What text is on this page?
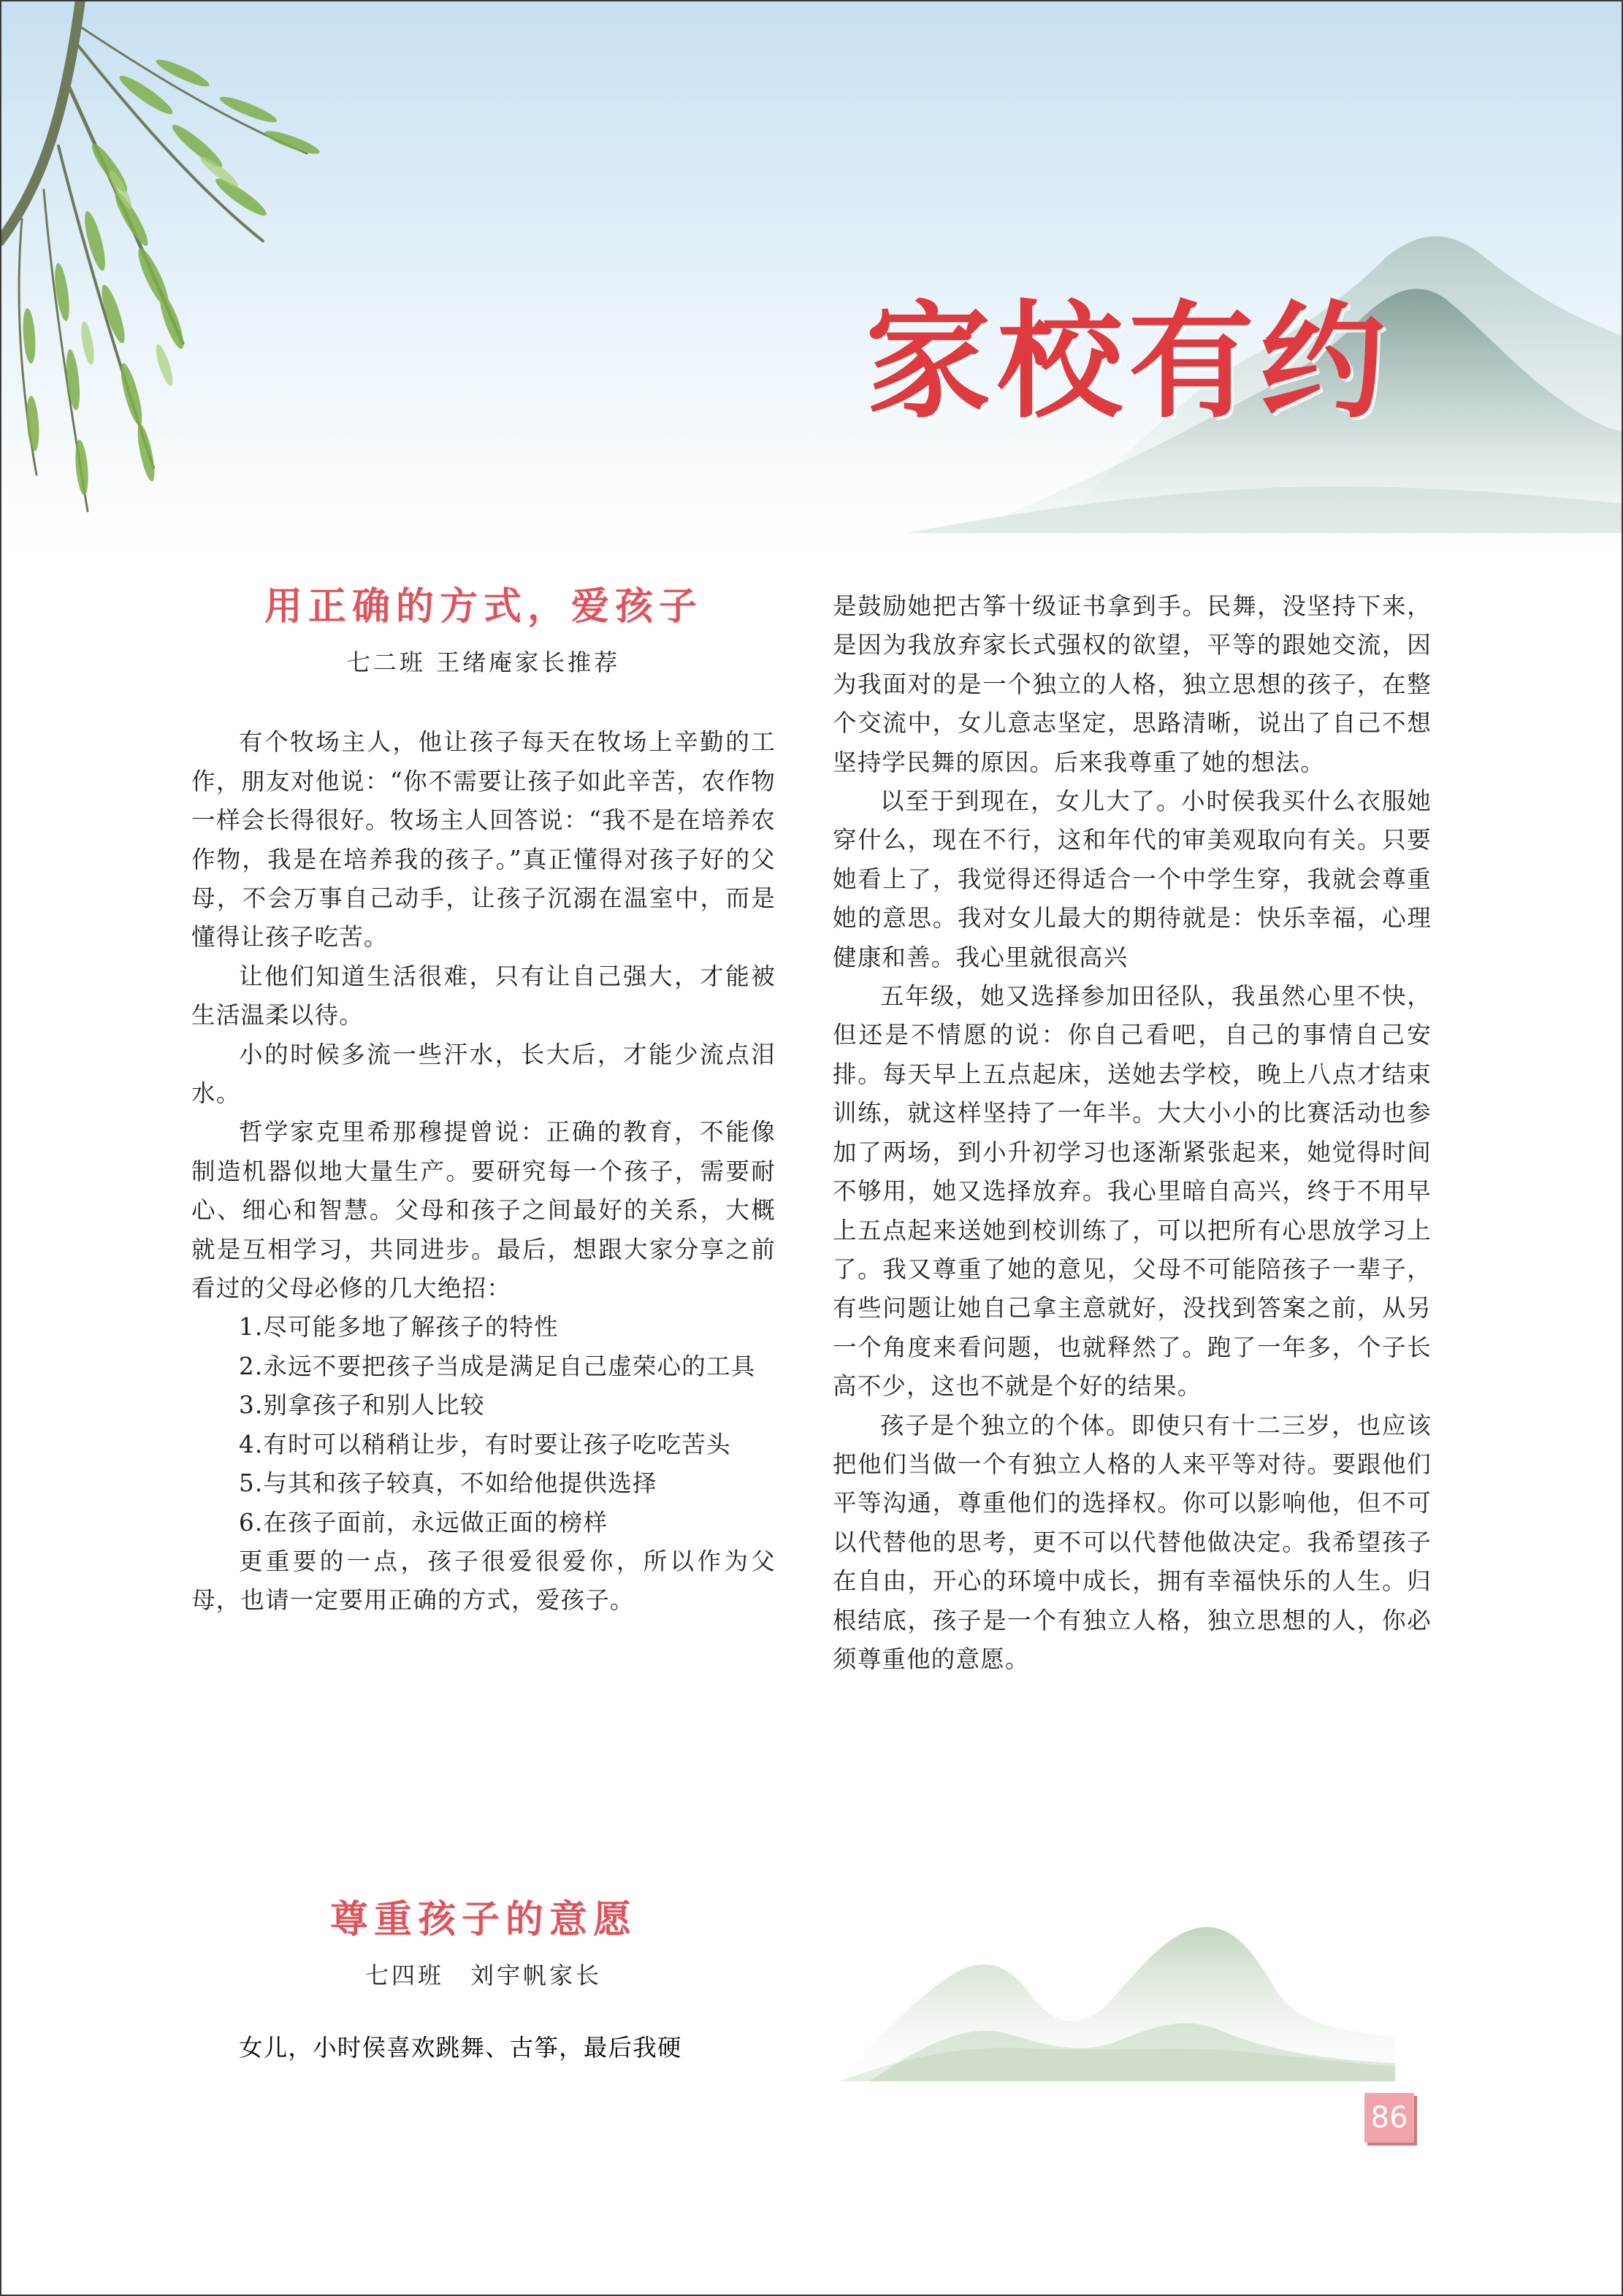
家校有约
用正确的方式，爱孩子
七二班 王绪庵家长推荐

有个牧场主人，他让孩子每天在牧场上辛勤的工作，朋友对他说：“你不需要让孩子如此辛苦，农作物一样会长得很好。牧场主人回答说：“我不是在培养农作物，我是在培养我的孩子。”真正懂得对孩子好的父母，不会万事自己动手，让孩子沉溺在温室中，而是懂得让孩子吃苦。

让他们知道生活很难，只有让自己强大，才能被生活温柔以待。

小的时候多流一些汗水，长大后，才能少流点泪水。

哲学家克里希那穆提曾说：正确的教育，不能像制造机器似地大量生产。要研究每一个孩子，需要耐心、细心和智慧。父母和孩子之间最好的关系，大概就是互相学习，共同进步。最后，想跟大家分享之前看过的父母必修的几大绝招：

1.尽可能多地了解孩子的特性

2.永远不要把孩子当成是满足自己虚荣心的工具

3.别拿孩子和别人比较

4.有时可以稍稍让步，有时要让孩子吃吃苦头

5.与其和孩子较真，不如给他提供选择

6.在孩子面前，永远做正面的榜样

更重要的一点，孩子很爱很爱你，所以作为父母，也请一定要用正确的方式，爱孩子。

尊重孩子的意愿
七四班　刘宇帆家长

女儿，小时侯喜欢跳舞、古筝，最后我硬

是鼓励她把古筝十级证书拿到手。民舞，没坚持下来，是因为我放弃家长式强权的欲望，平等的跟她交流，因为我面对的是一个独立的人格，独立思想的孩子，在整个交流中，女儿意志坚定，思路清晰，说出了自己不想坚持学民舞的原因。后来我尊重了她的想法。

以至于到现在，女儿大了。小时侯我买什么衣服她穿什么，现在不行，这和年代的审美观取向有关。只要她看上了，我觉得还得适合一个中学生穿，我就会尊重她的意思。我对女儿最大的期待就是：快乐幸福，心理健康和善。我心里就很高兴

五年级，她又选择参加田径队，我虽然心里不快，但还是不情愿的说：你自己看吧，自己的事情自己安排。每天早上五点起床，送她去学校，晚上八点才结束训练，就这样坚持了一年半。大大小小的比赛活动也参加了两场，到小升初学习也逐渐紧张起来，她觉得时间不够用，她又选择放弃。我心里暗自高兴，终于不用早上五点起来送她到校训练了，可以把所有心思放学习上了。我又尊重了她的意见，父母不可能陪孩子一辈子，有些问题让她自己拿主意就好，没找到答案之前，从另一个角度来看问题，也就释然了。跑了一年多，个子长高不少，这也不就是个好的结果。

孩子是个独立的个体。即使只有十二三岁，也应该把他们当做一个有独立人格的人来平等对待。要跟他们平等沟通，尊重他们的选择权。你可以影响他，但不可以代替他的思考，更不可以代替他做决定。我希望孩子在自由，开心的环境中成长，拥有幸福快乐的人生。归根结底，孩子是一个有独立人格，独立思想的人，你必须尊重他的意愿。

86
